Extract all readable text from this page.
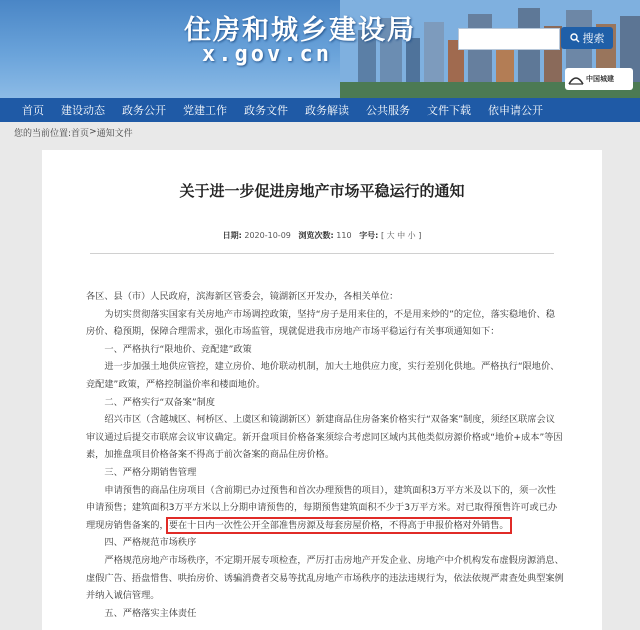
住房和城乡建设局
x.gov.cn
搜索
中国城建
首页 建设动态 政务公开 党建工作 政务文件 政务解读 公共服务 文件下载 依申请公开
您的当前位置: 首页 > 通知文件
关于进一步促进房地产市场平稳运行的通知
日期: 2020-10-09 浏览次数: 110 字号: [ 大 中 小 ]

各区、县（市）人民政府，滨海新区管委会，镜湖新区开发办，各相关单位：

为切实贯彻落实国家有关房地产市场调控政策，坚持“房子是用来住的，不是用来炒的”的定位，落实稳地价、稳房价、稳预期，保障合理需求，强化市场监管，现就促进我市房地产市场平稳运行有关事项通知如下：

一、严格执行“限地价、竞配建”政策

进一步加强土地供应管控，建立房价、地价联动机制，加大土地供应力度，实行差别化供地。严格执行“限地价、竞配建”政策，严格控制溢价率和楼面地价。

二、严格实行“双备案”制度

绍兴市区（含越城区、柯桥区、上虞区和镜湖新区）新建商品住房备案价格实行“双备案”制度，须经区联席会议审议通过后提交市联席会议审议确定。新开盘项目价格备案须综合考虑同区域内其他类似房源价格或“地价+成本”等因素，加推盘项目价格备案不得高于前次备案的商品住房价格。

三、严格分期销售管理

申请预售的商品住房项目（含前期已办过预售和首次办理预售的项目），建筑面积3万平方米及以下的，须一次性申请预售；建筑面积3万平方米以上分期申请预售的，每期预售建筑面积不少于3万平方米。对已取得预售许可或已办理现房销售备案的，要在十日内一次性公开全部准售房源及每套房屋价格，不得高于申报价格对外销售。

四、严格规范市场秩序

严格规范房地产市场秩序，不定期开展专项检查，严厉打击房地产开发企业、房地产中介机构发布虚假房源消息、虚假广告、捂盘惜售、哄抬房价、诱骗消费者交易等扰乱房地产市场秩序的违法违规行为，依法依规严肃查处典型案例并纳入诚信管理。

五、严格落实主体责任
